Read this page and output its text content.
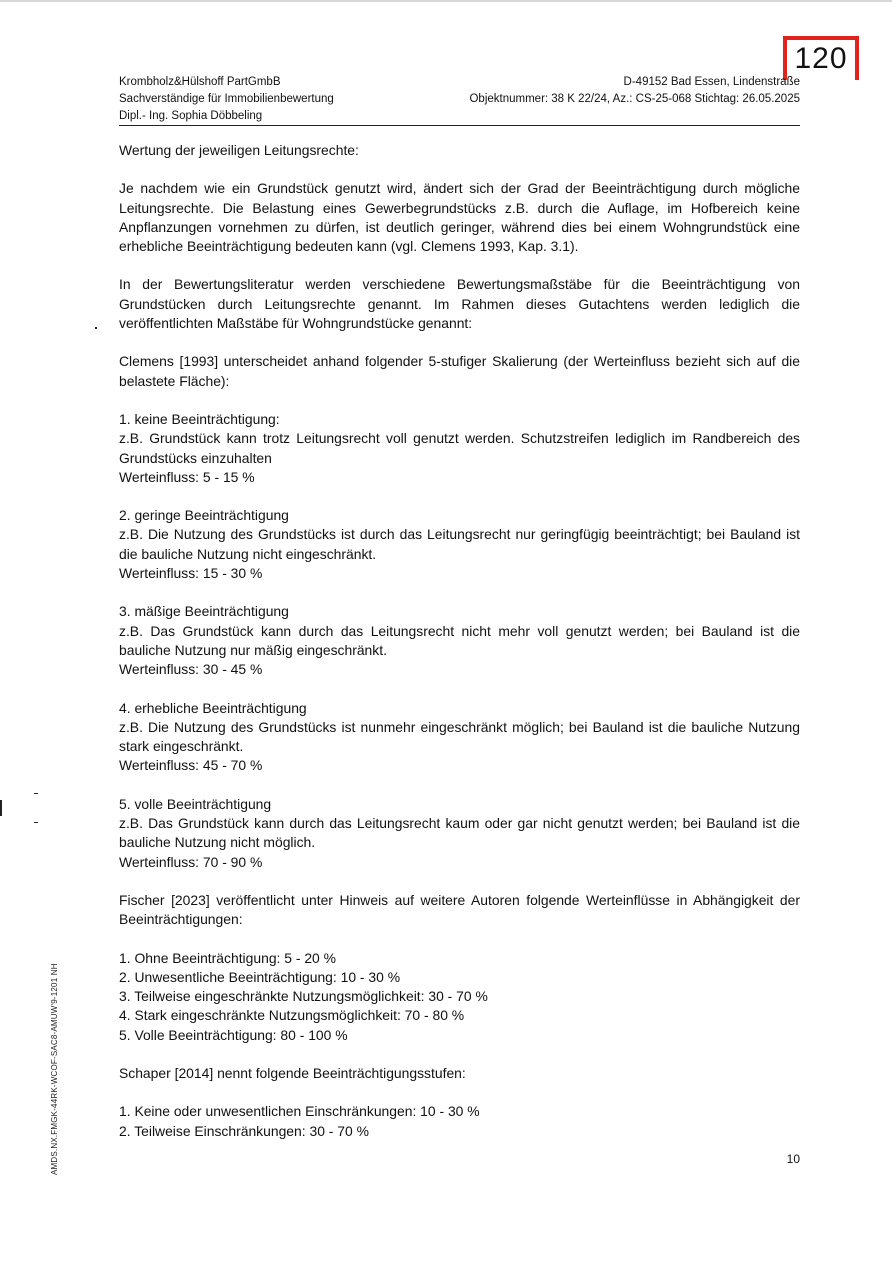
120
Krombholz&Hülshoff PartGmbB
Sachverständige für Immobilienbewertung
Dipl.- Ing. Sophia Döbbeling
D-49152 Bad Essen, Lindenstraße
Objektnummer: 38 K 22/24, Az.: CS-25-068 Stichtag: 26.05.2025

Wertung der jeweiligen Leitungsrechte:

Je nachdem wie ein Grundstück genutzt wird, ändert sich der Grad der Beeinträchtigung durch mögliche Leitungsrechte. Die Belastung eines Gewerbegrundstücks z.B. durch die Auflage, im Hofbereich keine Anpflanzungen vornehmen zu dürfen, ist deutlich geringer, während dies bei einem Wohngrundstück eine erhebliche Beeinträchtigung bedeuten kann (vgl. Clemens 1993, Kap. 3.1).

In der Bewertungsliteratur werden verschiedene Bewertungsmaßstäbe für die Beeinträchtigung von Grundstücken durch Leitungsrechte genannt. Im Rahmen dieses Gutachtens werden lediglich die veröffentlichten Maßstäbe für Wohngrundstücke genannt:

Clemens [1993] unterscheidet anhand folgender 5-stufiger Skalierung (der Werteinfluss bezieht sich auf die belastete Fläche):

1. keine Beeinträchtigung:

z.B. Grundstück kann trotz Leitungsrecht voll genutzt werden. Schutzstreifen lediglich im Randbereich des Grundstücks einzuhalten

Werteinfluss: 5 - 15 %

2. geringe Beeinträchtigung

z.B. Die Nutzung des Grundstücks ist durch das Leitungsrecht nur geringfügig beeinträchtigt; bei Bauland ist die bauliche Nutzung nicht eingeschränkt.

Werteinfluss: 15 - 30 %

3. mäßige Beeinträchtigung

z.B. Das Grundstück kann durch das Leitungsrecht nicht mehr voll genutzt werden; bei Bauland ist die bauliche Nutzung nur mäßig eingeschränkt.

Werteinfluss: 30 - 45 %

4. erhebliche Beeinträchtigung

z.B. Die Nutzung des Grundstücks ist nunmehr eingeschränkt möglich; bei Bauland ist die bauliche Nutzung stark eingeschränkt.

Werteinfluss: 45 - 70 %

5. volle Beeinträchtigung

z.B. Das Grundstück kann durch das Leitungsrecht kaum oder gar nicht genutzt werden; bei Bauland ist die bauliche Nutzung nicht möglich.

Werteinfluss: 70 - 90 %

Fischer [2023] veröffentlicht unter Hinweis auf weitere Autoren folgende Werteinflüsse in Abhängigkeit der Beeinträchtigungen:

1. Ohne Beeinträchtigung: 5 - 20 %

2. Unwesentliche Beeinträchtigung: 10 - 30 %

3. Teilweise eingeschränkte Nutzungsmöglichkeit: 30 - 70 %

4. Stark eingeschränkte Nutzungsmöglichkeit: 70 - 80 %

5. Volle Beeinträchtigung: 80 - 100 %

Schaper [2014] nennt folgende Beeinträchtigungsstufen:

1. Keine oder unwesentlichen Einschränkungen: 10 - 30 %

2. Teilweise Einschränkungen: 30 - 70 %

AMDS.NX.FMGK-44RK-WCOF-SAC8-AMUW'9-1201 NH	10
